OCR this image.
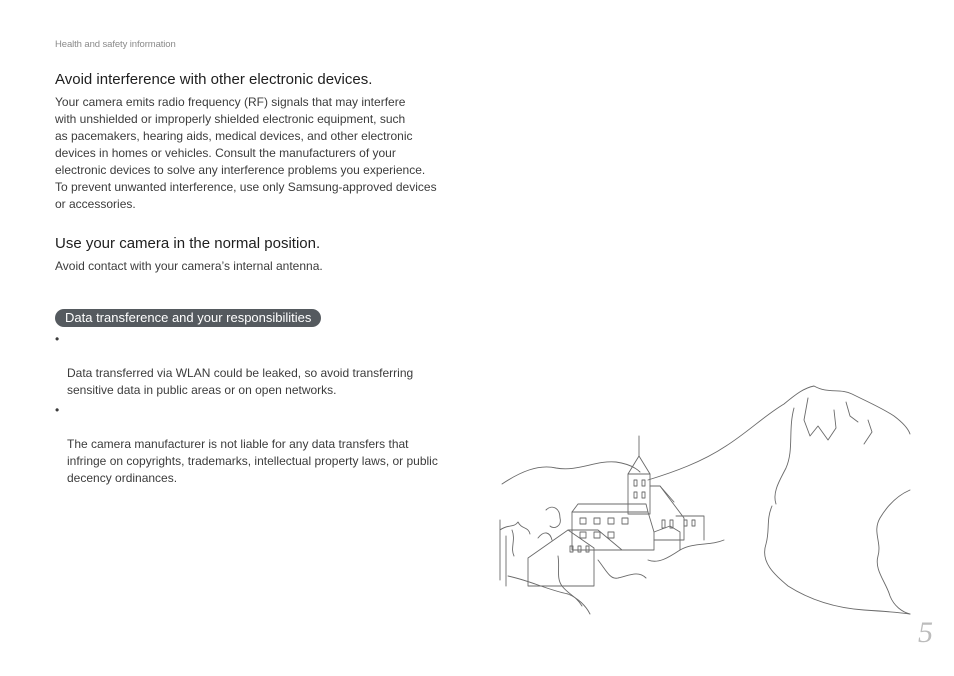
Health and safety information
Avoid interference with other electronic devices.

Your camera emits radio frequency (RF) signals that may interfere
with unshielded or improperly shielded electronic equipment, such
as pacemakers, hearing aids, medical devices, and other electronic
devices in homes or vehicles. Consult the manufacturers of your
electronic devices to solve any interference problems you experience.
To prevent unwanted interference, use only Samsung-approved devices
or accessories.

Use your camera in the normal position.

Avoid contact with your camera’s internal antenna.

Data transference and your responsibilities

•

Data transferred via WLAN could be leaked, so avoid transferring
sensitive data in public areas or on open networks.

•

The camera manufacturer is not liable for any data transfers that
infringe on copyrights, trademarks, intellectual property laws, or public
decency ordinances.

5
